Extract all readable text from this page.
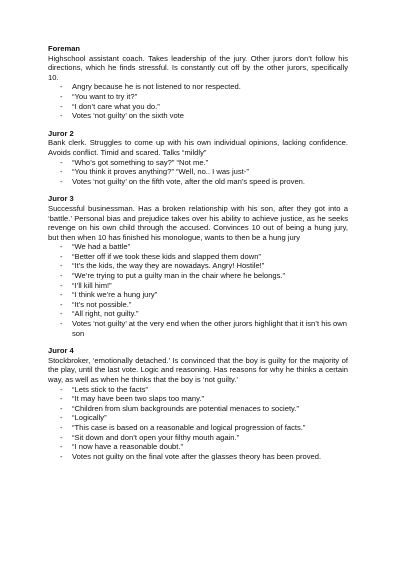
Foreman
Highschool assistant coach. Takes leadership of the jury. Other jurors don’t follow his directions, which he finds stressful. Is constantly cut off by the other jurors, specifically 10.
- Angry because he is not listened to nor respected.
- “You want to try it?”
- “I don’t care what you do.”
- Votes ‘not guilty’ on the sixth vote
Juror 2
Bank clerk. Struggles to come up with his own individual opinions, lacking confidence. Avoids conflict. Timid and scared. Talks “mildly”
- “Who’s got something to say?” “Not me.”
- “You think it proves anything?” “Well, no.. I was just-”
- Votes ‘not guilty’ on the fifth vote, after the old man’s speed is proven.
Juror 3
Successful businessman. Has a broken relationship with his son, after they got into a ‘battle.’ Personal bias and prejudice takes over his ability to achieve justice, as he seeks revenge on his own child through the accused. Convinces 10 out of being a hung jury, but then when 10 has finished his monologue, wants to then be a hung jury
- “We had a battle”
- “Better off if we took these kids and slapped them down”
- “It’s the kids, the way they are nowadays. Angry! Hostile!”
- “We’re trying to put a guilty man in the chair where he belongs.”
- “I’ll kill him!”
- “I think we’re a hung jury”
- “It’s not possible.”
- “All right, not guilty.”
- Votes ‘not guilty’ at the very end when the other jurors highlight that it isn’t his own son
Juror 4
Stockbroker, ‘emotionally detached.’ Is convinced that the boy is guilty for the majority of the play, until the last vote. Logic and reasoning. Has reasons for why he thinks a certain way, as well as when he thinks that the boy is ‘not guilty.’
- “Lets stick to the facts”
- “It may have been two slaps too many.”
- “Children from slum backgrounds are potential menaces to society.”
- “Logically”
- “This case is based on a reasonable and logical progression of facts.”
- “Sit down and don’t open your filthy mouth again.”
- “I now have a reasonable doubt.”
- Votes not guilty on the final vote after the glasses theory has been proved.
